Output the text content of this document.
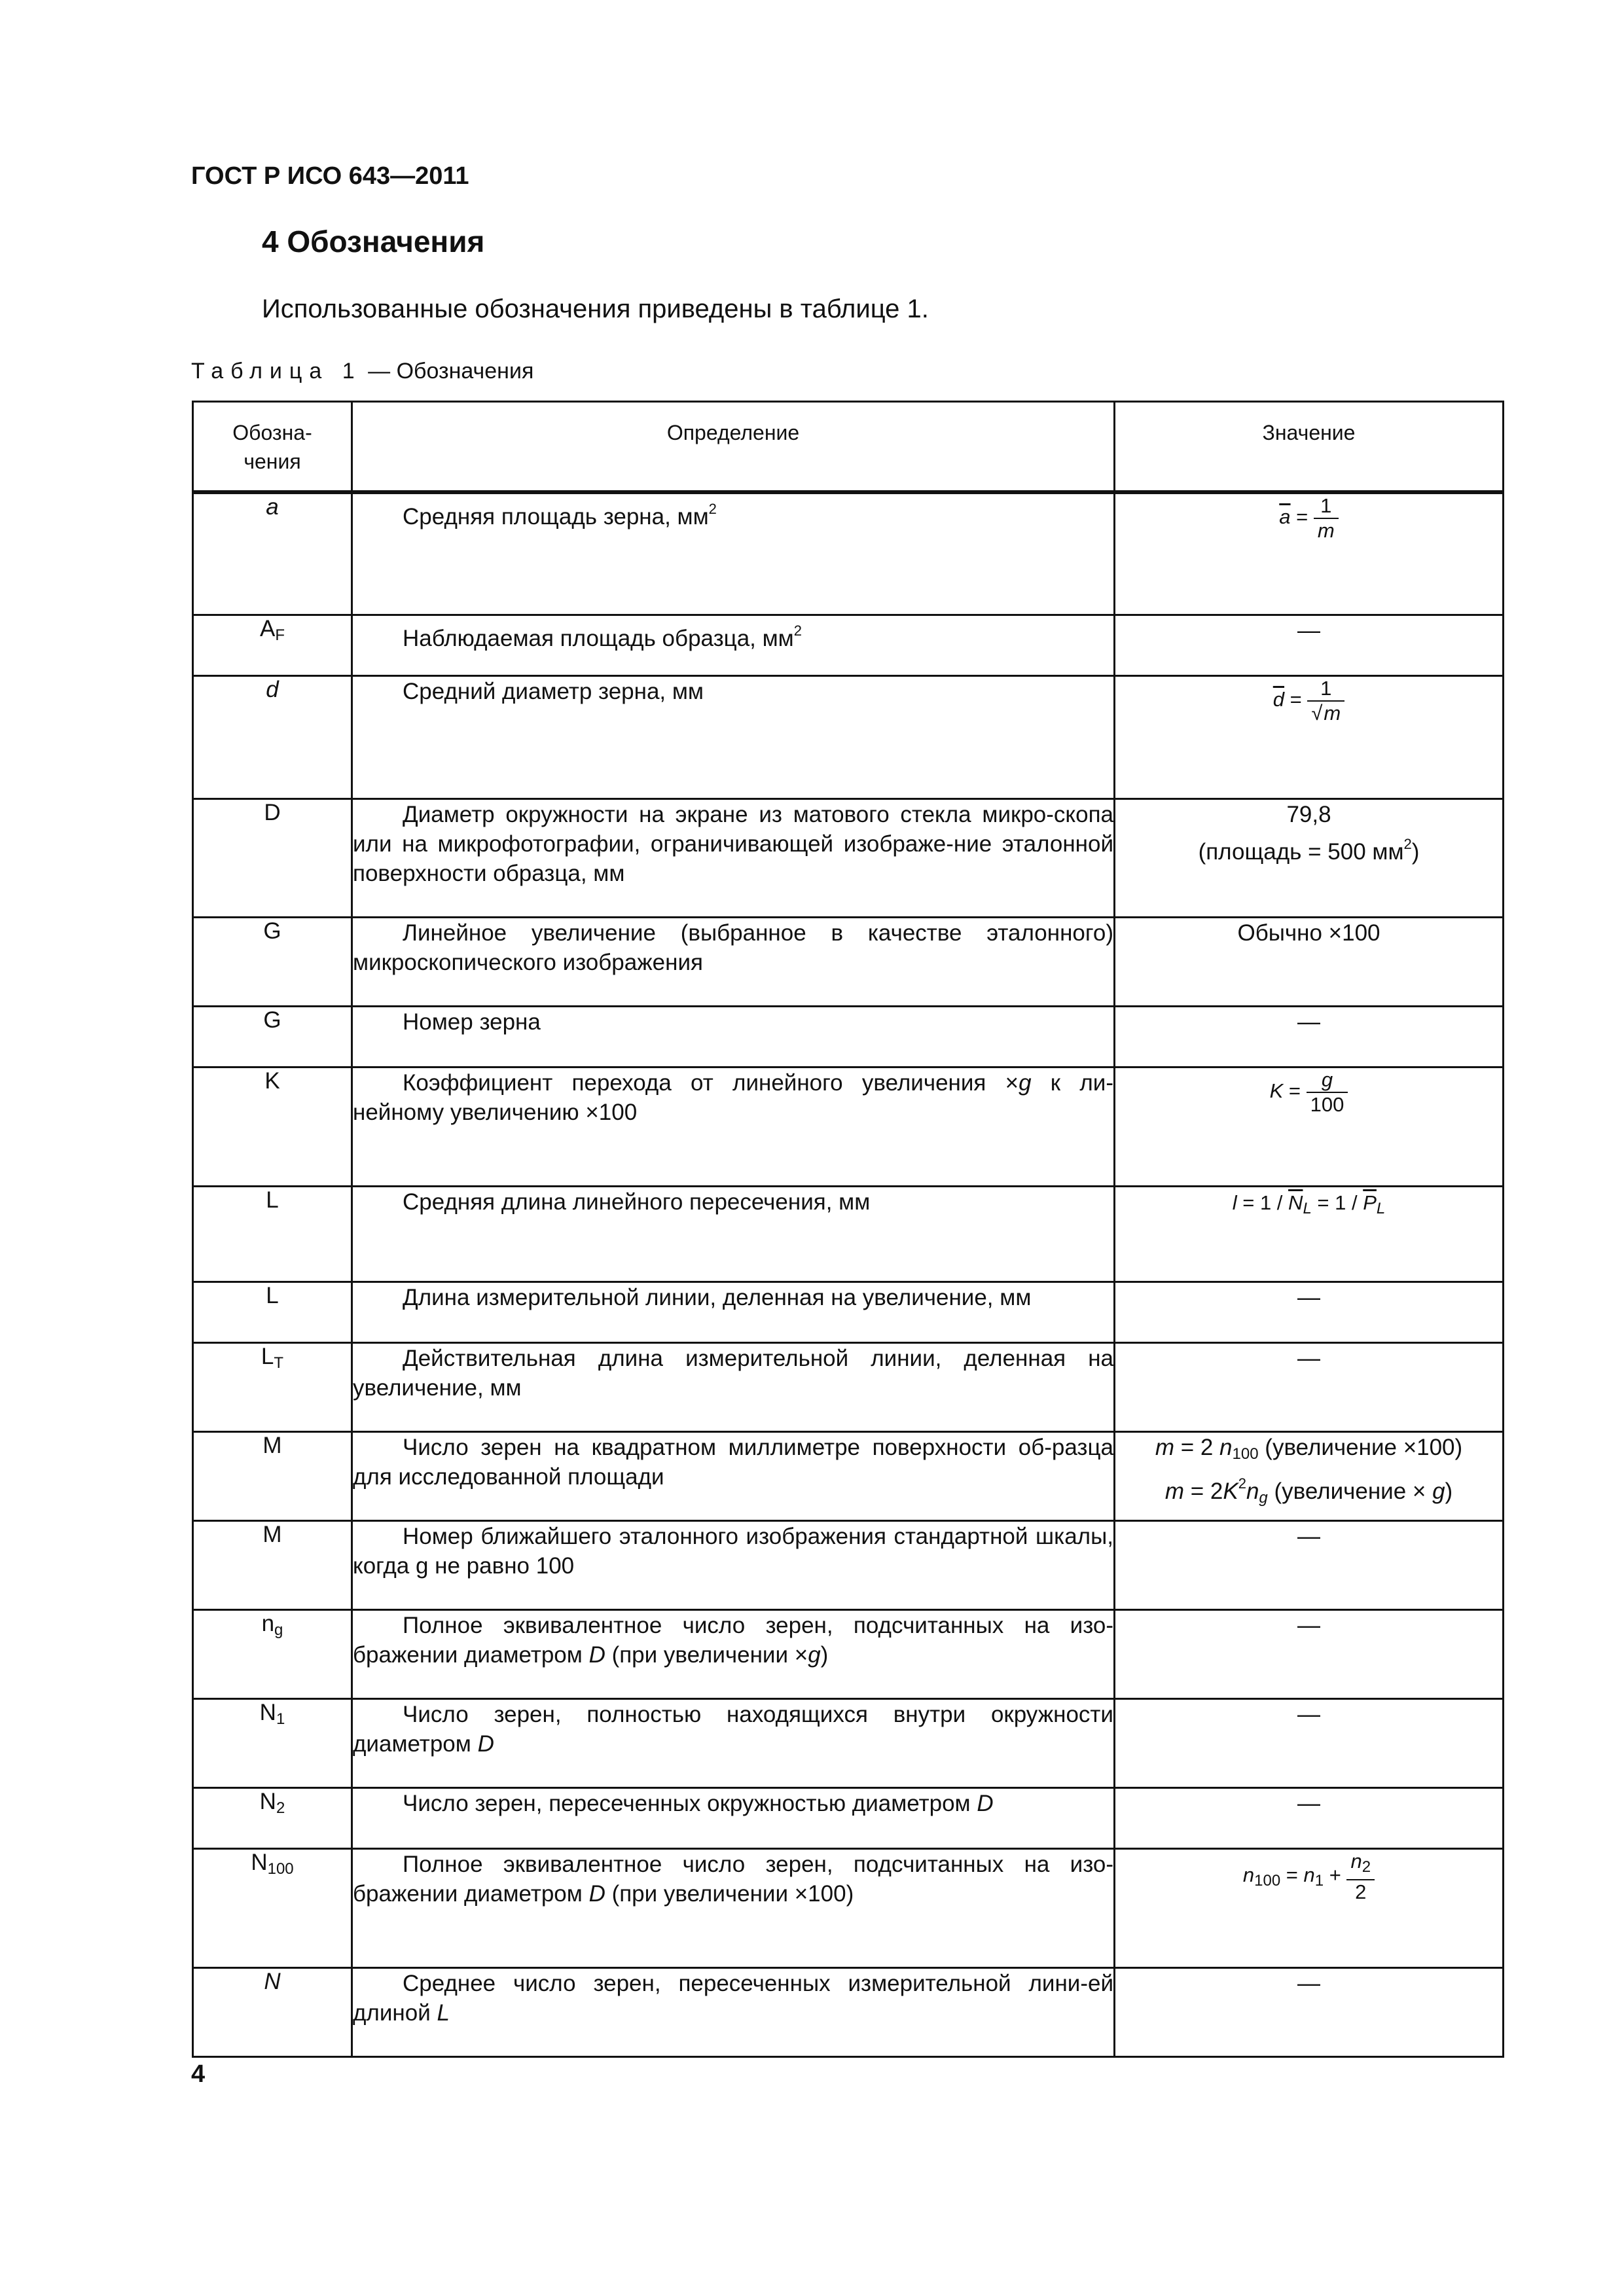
ГОСТ Р ИСО 643—2011
4 Обозначения
Использованные обозначения приведены в таблице 1.
Таблица 1 — Обозначения
Обозна-
чения	Определение	Значение
a	Средняя площадь зерна, $мм^2$	$\overline{a} = \frac{1}{m}$

$A_F$	Наблюдаемая площадь образца, $мм^2$	—
d	Средний диаметр зерна, мм	$\overline{d} = \frac{1}{√m}$

D	Диаметр окружности на экране из матового стекла микро-скопа или на микрофотографии, ограничивающей изображе-ние эталонной поверхности образца, мм	79,8
(площадь = 500 $мм^2$)
G	Линейное увеличение (выбранное в качестве эталонного) микроскопического изображения	Обычно ×100
G	Номер зерна	—
K	Коэффициент перехода от линейного увеличения ×g к ли-нейному увеличению ×100	$K = \frac{g}{100}$

L	Средняя длина линейного пересечения, мм	$l = 1 / \overline{N}_L = 1 / \overline{P}_L$
L	Длина измерительной линии, деленная на увеличение, мм	—
$L_T$	Действительная длина измерительной линии, деленная на увеличение, мм	—
M	Число зерен на квадратном миллиметре поверхности об-разца для исследованной площади	m = 2 $n_{100}$ (увеличение ×100)
$m = 2K^2n_g$ (увеличение × g)
M	Номер ближайшего эталонного изображения стандартной шкалы, когда g не равно 100	—
$n_g$	Полное эквивалентное число зерен, подсчитанных на изо-бражении диаметром D (при увеличении ×g)	—
$N_1$	Число зерен, полностью находящихся внутри окружности диаметром D	—
$N_2$	Число зерен, пересеченных окружностью диаметром D	—
$N_{100}$	Полное эквивалентное число зерен, подсчитанных на изо-бражении диаметром D (при увеличении ×100)	$n_{100} = n_1 + \frac{n_2}{2}$

N	Среднее число зерен, пересеченных измерительной лини-ей длиной L	—
4
